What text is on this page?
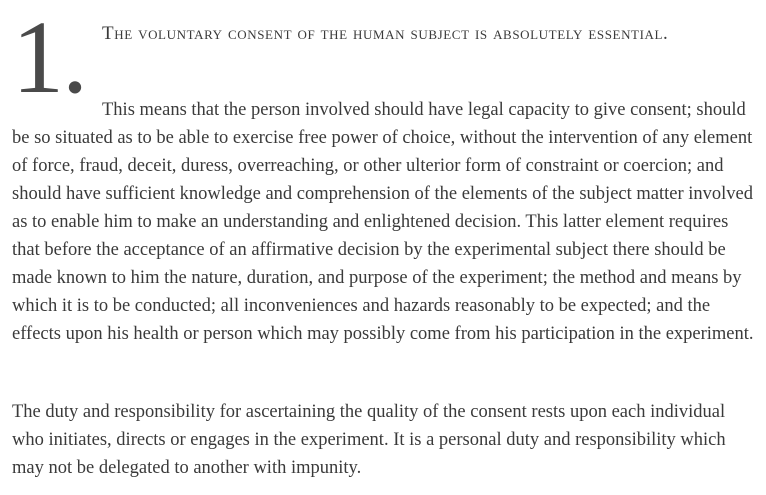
1. The voluntary consent of the human subject is absolutely essential.

This means that the person involved should have legal capacity to give consent; should be so situated as to be able to exercise free power of choice, without the intervention of any element of force, fraud, deceit, duress, overreaching, or other ulterior form of constraint or coercion; and should have sufficient knowledge and comprehension of the elements of the subject matter involved as to enable him to make an understanding and enlightened decision. This latter element requires that before the acceptance of an affirmative decision by the experimental subject there should be made known to him the nature, duration, and purpose of the experiment; the method and means by which it is to be conducted; all inconveniences and hazards reasonably to be expected; and the effects upon his health or person which may possibly come from his participation in the experiment.

The duty and responsibility for ascertaining the quality of the consent rests upon each individual who initiates, directs or engages in the experiment. It is a personal duty and responsibility which may not be delegated to another with impunity.
